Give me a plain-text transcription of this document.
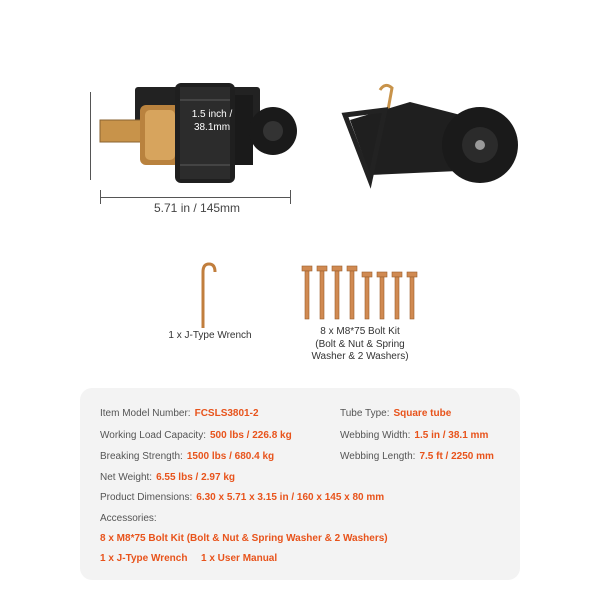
1.5 inch /
38.1mm
5.71 in / 145mm
1 x J-Type Wrench	8 x M8*75 Bolt Kit
(Bolt & Nut & Spring
Washer & 2 Washers)
Item Model Number: FCSLS3801-2	Tube Type: Square tube
Working Load Capacity: 500 lbs / 226.8 kg	Webbing Width: 1.5 in / 38.1 mm
Breaking Strength: 1500 lbs / 680.4 kg	Webbing Length: 7.5 ft / 2250 mm
Net Weight: 6.55 lbs / 2.97 kg
Product Dimensions: 6.30 x 5.71 x 3.15 in / 160 x 145 x 80 mm
Accessories:
8 x M8*75 Bolt Kit (Bolt & Nut & Spring Washer & 2 Washers)
1 x J-Type Wrench 1 x User Manual
